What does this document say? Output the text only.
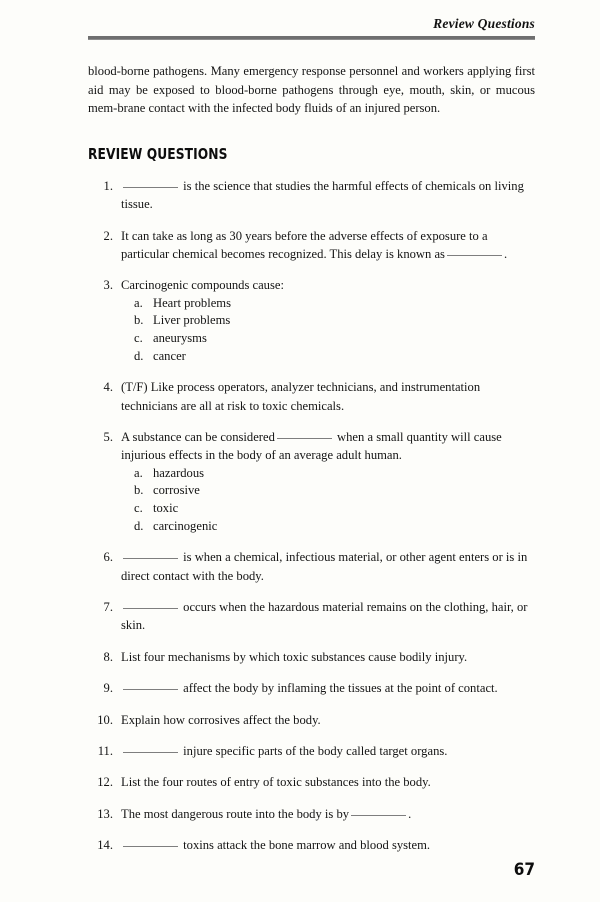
Review Questions

blood-borne pathogens. Many emergency response personnel and workers applying first aid may be exposed to blood-borne pathogens through eye, mouth, skin, or mucous mem-brane contact with the infected body fluids of an injured person.

REVIEW QUESTIONS
1.	is the science that studies the harmful effects of chemicals on living tissue.
2. It can take as long as 30 years before the adverse effects of exposure to a particular chemical becomes recognized. This delay is known as	.
3. Carcinogenic compounds cause:
a. Heart problems
b. Liver problems
c. aneurysms
d. cancer
4. (T/F) Like process operators, analyzer technicians, and instrumentation technicians are all at risk to toxic chemicals.
5. A substance can be considered	when a small quantity will cause injurious effects in the body of an average adult human.
a. hazardous
b. corrosive
c. toxic
d. carcinogenic
6.	is when a chemical, infectious material, or other agent enters or is in direct contact with the body.
7.	occurs when the hazardous material remains on the clothing, hair, or skin.
8. List four mechanisms by which toxic substances cause bodily injury.
9.	affect the body by inflaming the tissues at the point of contact.
10. Explain how corrosives affect the body.
11.	injure specific parts of the body called target organs.
12. List the four routes of entry of toxic substances into the body.
13. The most dangerous route into the body is by	.
14.	toxins attack the bone marrow and blood system.
67
